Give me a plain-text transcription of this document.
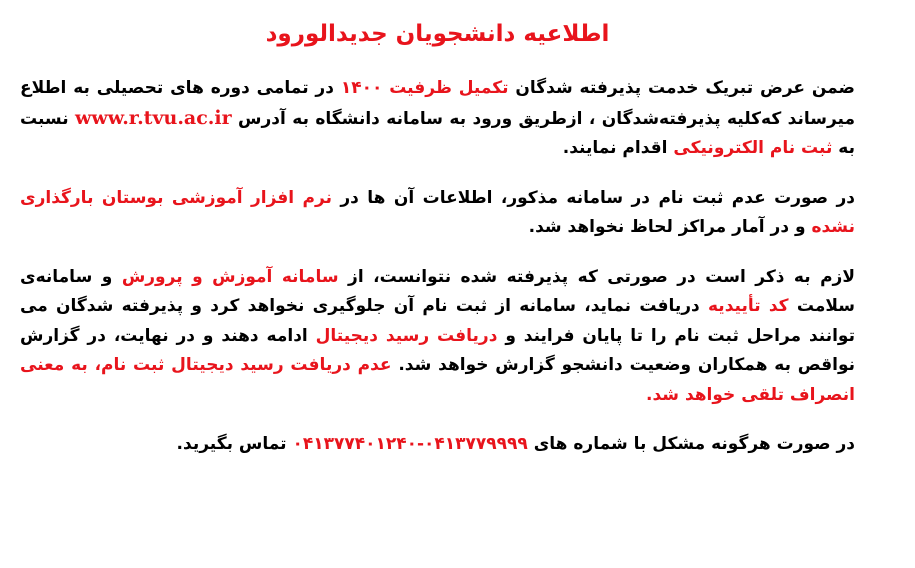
اطلاعیه دانشجویان جدیدالورود

ضمن عرض تبریک خدمت پذیرفته شدگان تکمیل ظرفیت ۱۴۰۰ در تمامی دوره های تحصیلی به اطلاع میرساند که‌کلیه پذیرفته‌شدگان ، ازطریق ورود به سامانه دانشگاه به آدرس www.r.tvu.ac.ir نسبت به ثبت نام الکترونیکی اقدام نمایند.

در صورت عدم ثبت نام در سامانه مذکور، اطلاعات آن ها در نرم افزار آموزشی بوستان بارگذاری نشده و در آمار مراکز لحاظ نخواهد شد.

لازم به ذکر است در صورتی که پذیرفته شده نتوانست، از سامانه آموزش و پرورش و سامانه‌ی سلامت کد تأییدیه دریافت نماید، سامانه از ثبت نام آن جلوگیری نخواهد کرد و پذیرفته شدگان می توانند مراحل ثبت نام را تا پایان فرایند و دریافت رسید دیجیتال ادامه دهند و در نهایت، در گزارش نواقص به همکاران وضعیت دانشجو گزارش خواهد شد. عدم دریافت رسید دیجیتال ثبت نام، به معنی انصراف تلقی خواهد شد.

در صورت هرگونه مشکل با شماره های ۰۴۱۳۷۷۴۰۱۲۴۰-۰۴۱۳۷۷۹۹۹۹ تماس بگیرید.
